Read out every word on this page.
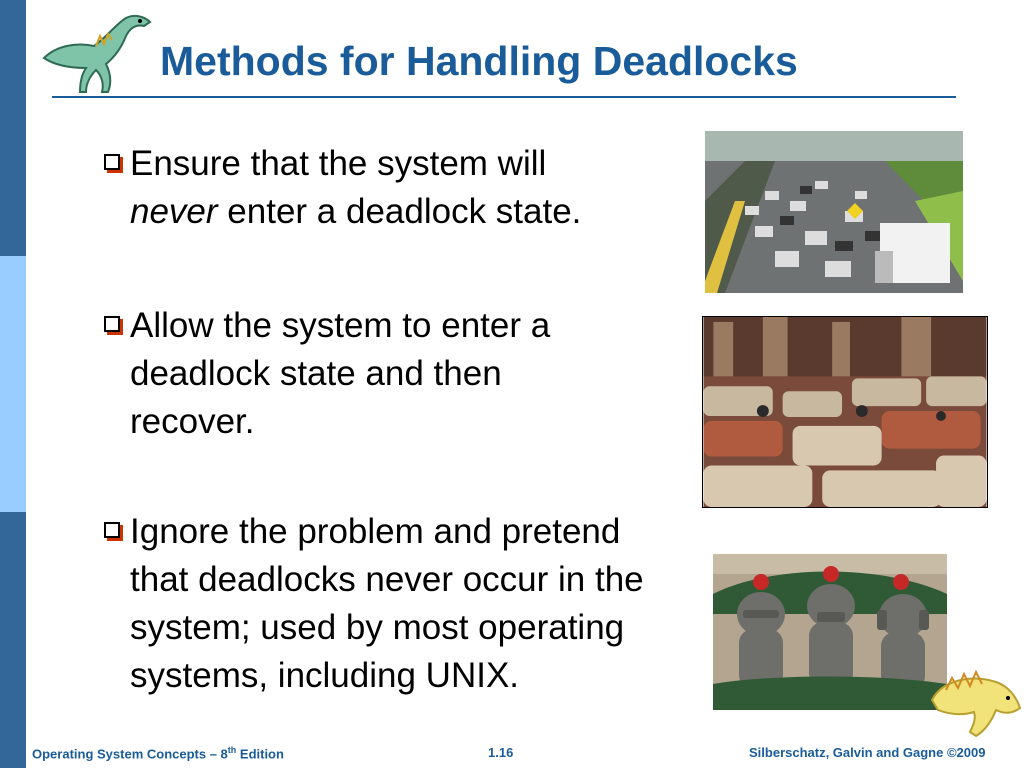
Methods for Handling Deadlocks
Ensure that the system will
never enter a deadlock state.
Allow the system to enter a deadlock state and then recover.
Ignore the problem and pretend that deadlocks never occur in the system; used by most operating systems, including UNIX.
Operating System Concepts – 8th Edition	1.16	Silberschatz, Galvin and Gagne ©2009
